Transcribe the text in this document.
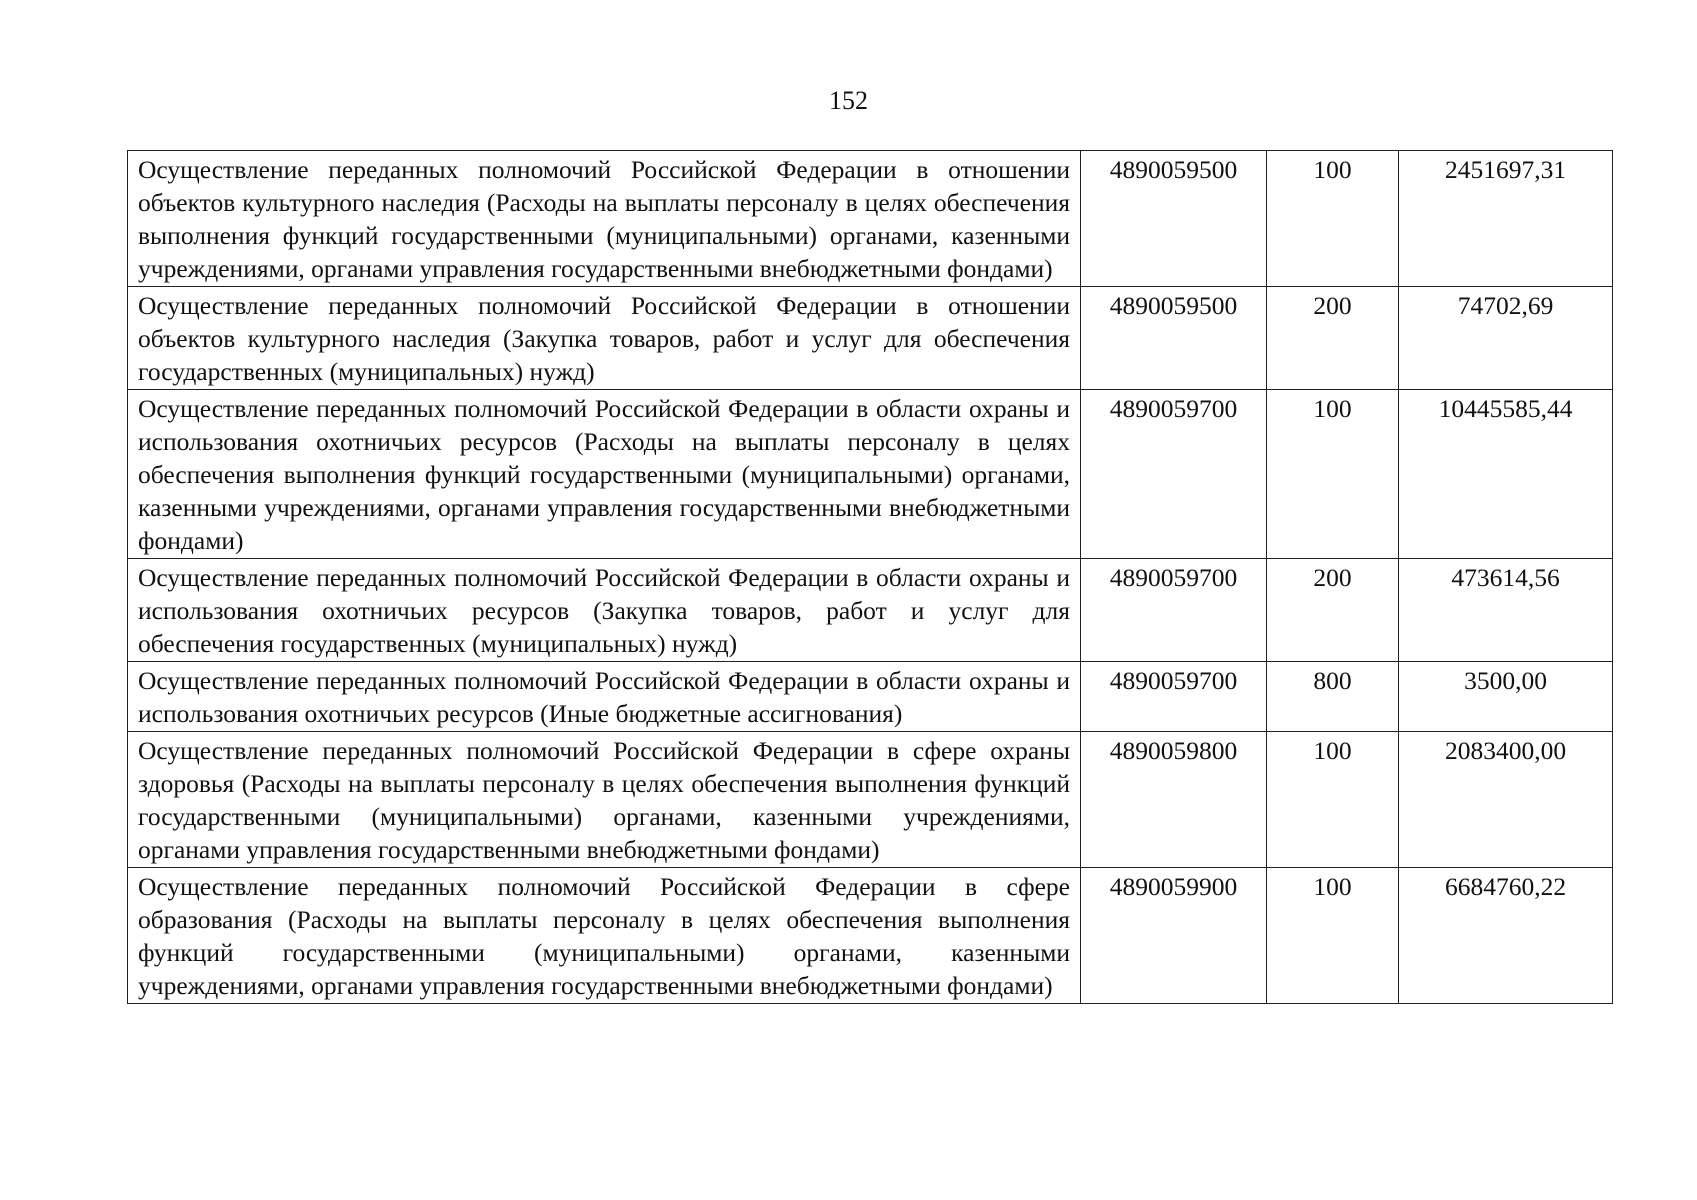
152
Осуществление переданных полномочий Российской Федерации в отношении объектов культурного наследия (Расходы на выплаты персоналу в целях обеспечения выполнения функций государственными (муниципальными) органами, казенными учреждениями, органами управления государственными внебюджетными фондами)	4890059500	100	2451697,31
Осуществление переданных полномочий Российской Федерации в отношении объектов культурного наследия (Закупка товаров, работ и услуг для обеспечения государственных (муниципальных) нужд)	4890059500	200	74702,69
Осуществление переданных полномочий Российской Федерации в области охраны и использования охотничьих ресурсов (Расходы на выплаты персоналу в целях обеспечения выполнения функций государственными (муниципальными) органами, казенными учреждениями, органами управления государственными внебюджетными фондами)	4890059700	100	10445585,44
Осуществление переданных полномочий Российской Федерации в области охраны и использования охотничьих ресурсов (Закупка товаров, работ и услуг для обеспечения государственных (муниципальных) нужд)	4890059700	200	473614,56
Осуществление переданных полномочий Российской Федерации в области охраны и использования охотничьих ресурсов (Иные бюджетные ассигнования)	4890059700	800	3500,00
Осуществление переданных полномочий Российской Федерации в сфере охраны здоровья (Расходы на выплаты персоналу в целях обеспечения выполнения функций государственными (муниципальными) органами, казенными учреждениями, органами управления государственными внебюджетными фондами)	4890059800	100	2083400,00
Осуществление переданных полномочий Российской Федерации в сфере образования (Расходы на выплаты персоналу в целях обеспечения выполнения функций государственными (муниципальными) органами, казенными учреждениями, органами управления государственными внебюджетными фондами)	4890059900	100	6684760,22
